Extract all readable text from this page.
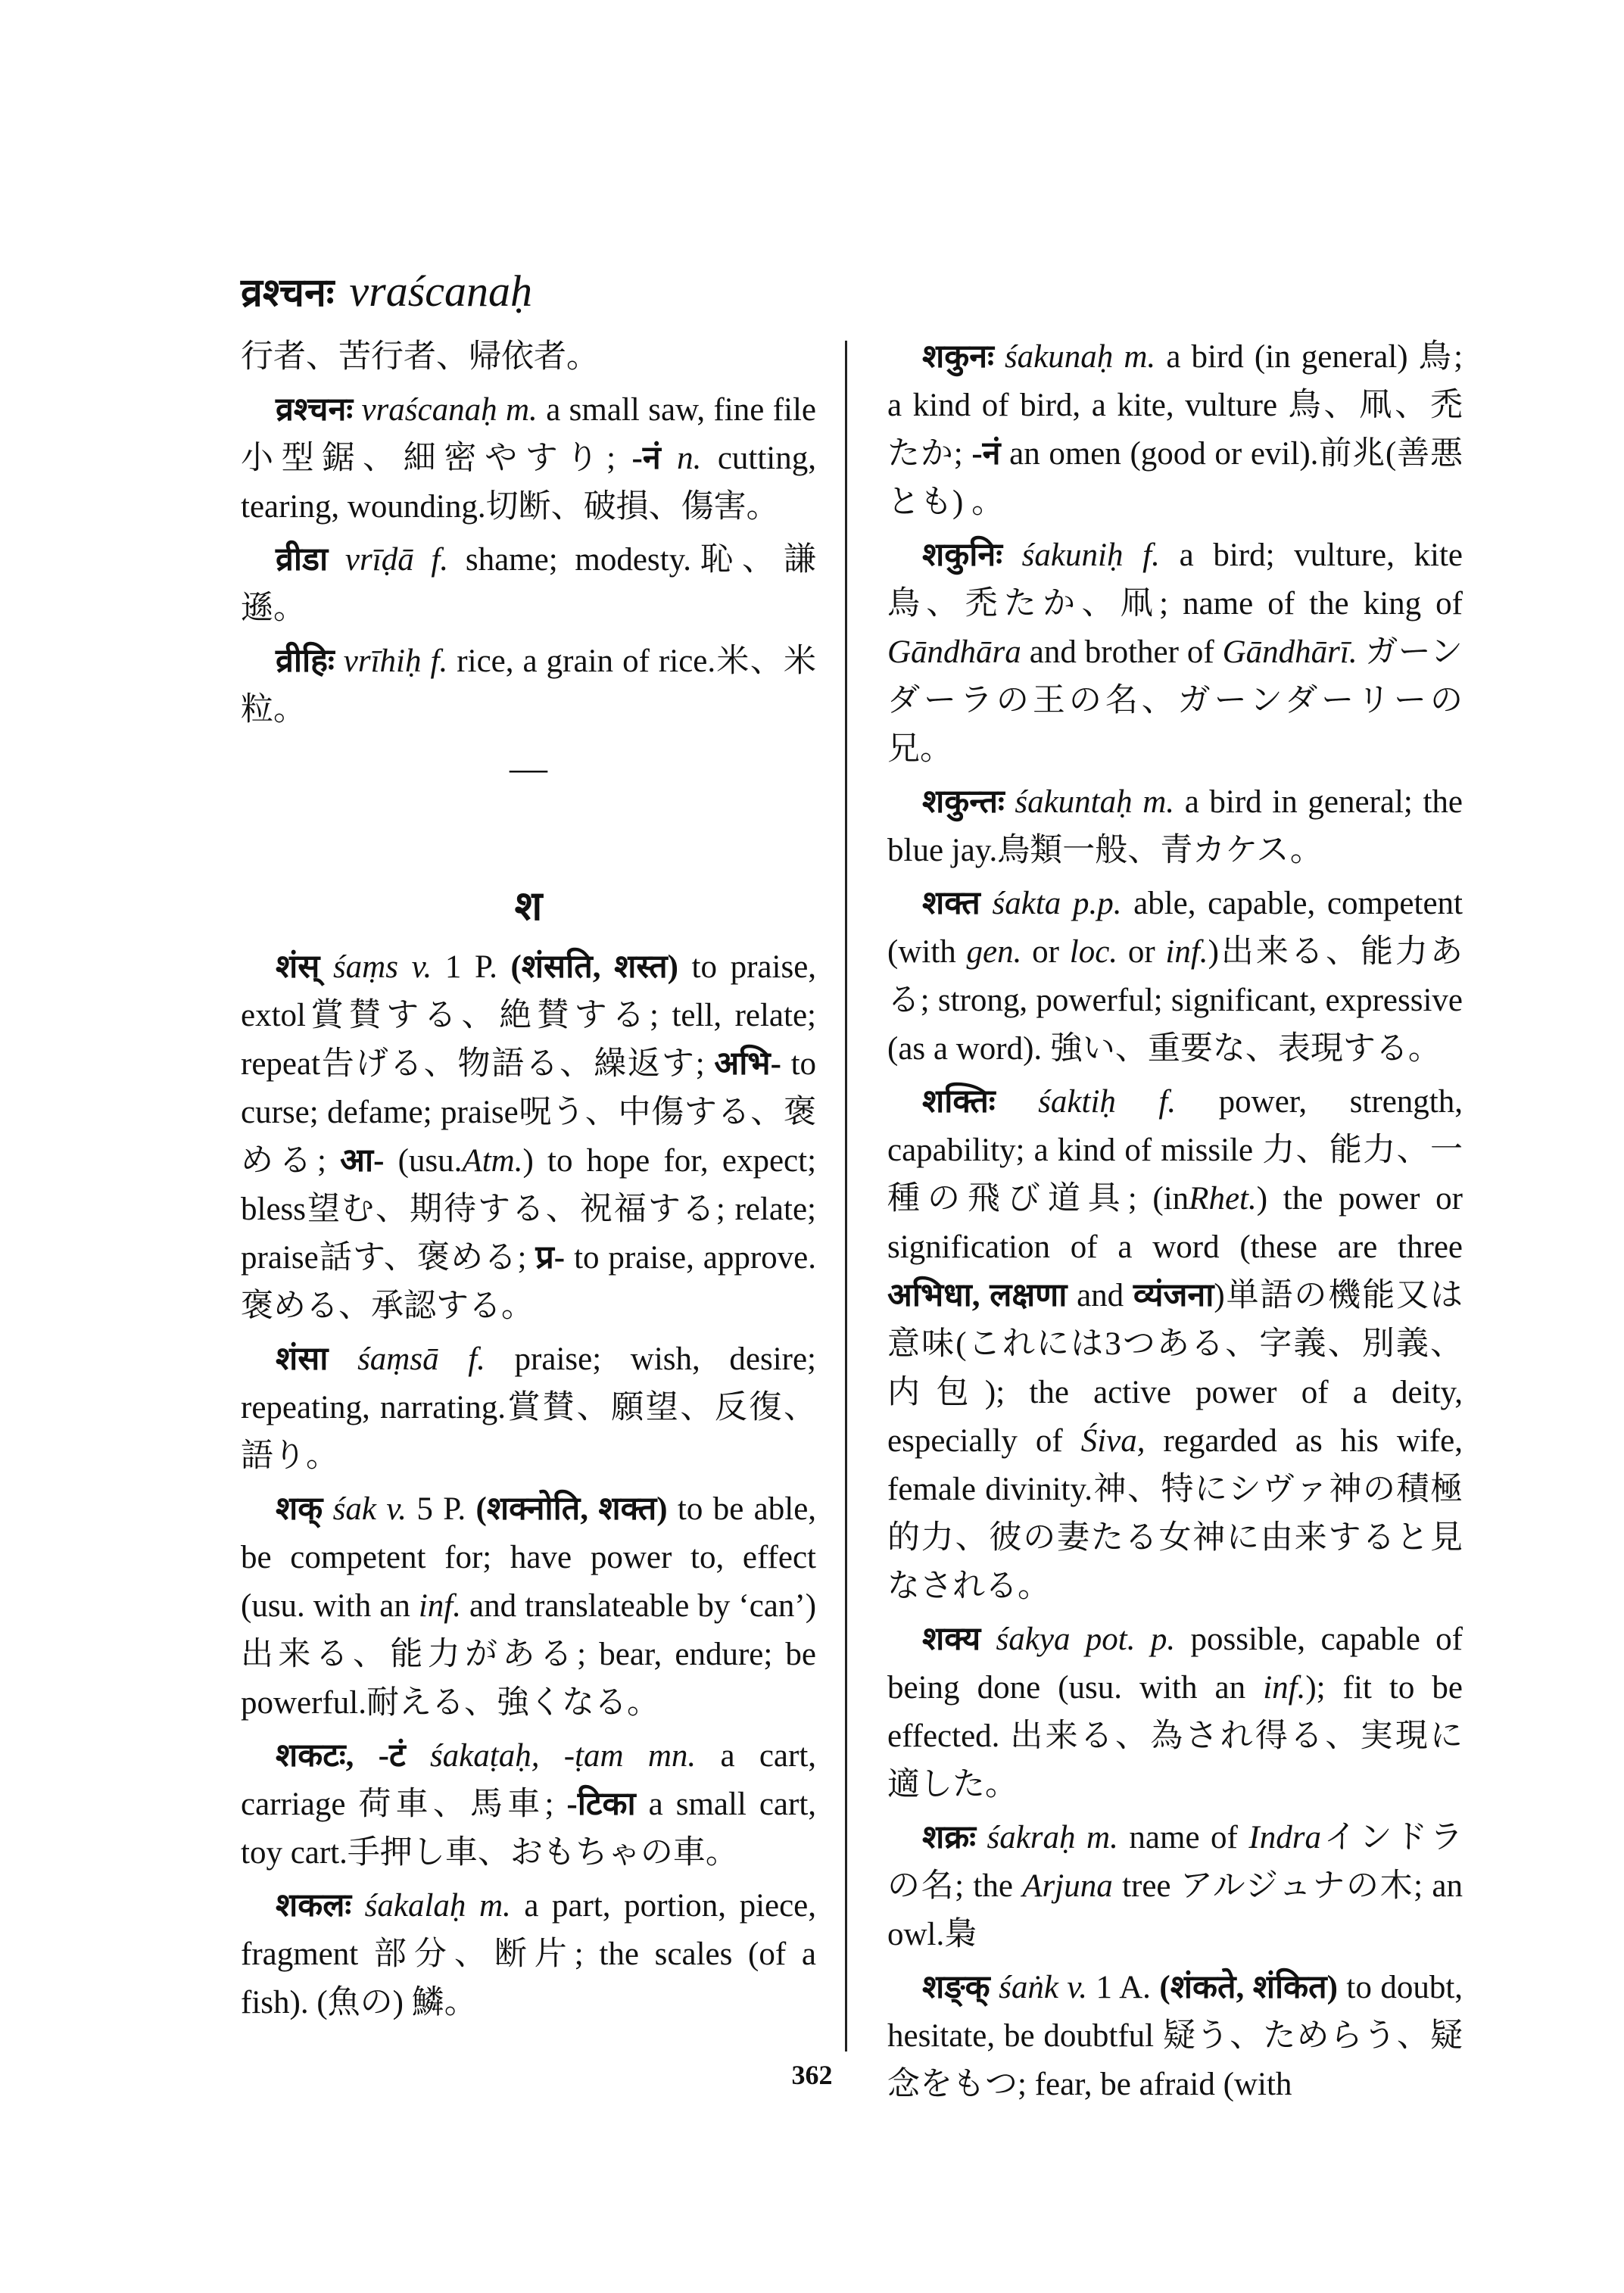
व्रश्चनः vraścanaḥ

行者、苦行者、帰依者。

व्रश्चनः vraścanaḥ m. a small saw, fine file 小型鋸、細密やすり; -नं n. cutting, tearing, wounding.切断、破損、傷害。

व्रीडा vrīḍā f. shame; modesty.恥、謙遜。

व्रीहिः vrīhiḥ f. rice, a grain of rice.米、米粒。

—

श

शंस् śaṃs v. 1 P. (शंसति, शस्त) to praise, extol賞賛する、絶賛する; tell, relate; repeat告げる、物語る、繰返す; अभि- to curse; defame; praise呪う、中傷する、褒める; आ- (usu.Atm.) to hope for, expect; bless望む、期待する、祝福する; relate; praise話す、褒める; प्र- to praise, approve.褒める、承認する。

शंसा śaṃsā f. praise; wish, desire; repeating, narrating.賞賛、願望、反復、語り。

शक् śak v. 5 P. (शक्नोति, शक्त) to be able, be competent for; have power to, effect (usu. with an inf. and translateable by ‘can’)出来る、能力がある; bear, endure; be powerful.耐える、強くなる。

शकटः, -टं śakaṭaḥ, -ṭam mn. a cart, carriage 荷車、馬車; -टिका a small cart, toy cart.手押し車、おもちゃの車。

शकलः śakalaḥ m. a part, portion, piece, fragment 部分、断片; the scales (of a fish). (魚の) 鱗。

शकुनः śakunaḥ m. a bird (in general) 鳥; a kind of bird, a kite, vulture 鳥、凧、禿たか; -नं an omen (good or evil).前兆(善悪とも) 。

शकुनिः śakuniḥ f. a bird; vulture, kite 鳥、禿たか、凧; name of the king of Gāndhāra and brother of Gāndhārī. ガーンダーラの王の名、ガーンダーリーの兄。

शकुन्तः śakuntaḥ m. a bird in general; the blue jay.鳥類一般、青カケス。

शक्त śakta p.p. able, capable, competent (with gen. or loc. or inf.)出来る、能力ある; strong, powerful; significant, expressive (as a word). 強い、重要な、表現する。

शक्तिः śaktiḥ f. power, strength, capability; a kind of missile 力、能力、一種の飛び道具; (inRhet.) the power or signification of a word (these are three अभिधा, लक्षणा and व्यंजना)単語の機能又は意味(これには3つある、字義、別義、内包); the active power of a deity, especially of Śiva, regarded as his wife, female divinity.神、特にシヴァ神の積極的力、彼の妻たる女神に由来すると見なされる。

शक्य śakya pot. p. possible, capable of being done (usu. with an inf.); fit to be effected. 出来る、為され得る、実現に適した。

शक्रः śakraḥ m. name of Indraインドラの名; the Arjuna tree アルジュナの木; an owl.梟

शङ्क् śaṅk v. 1 A. (शंकते, शंकित) to doubt, hesitate, be doubtful 疑う、ためらう、疑念をもつ; fear, be afraid (with

362
